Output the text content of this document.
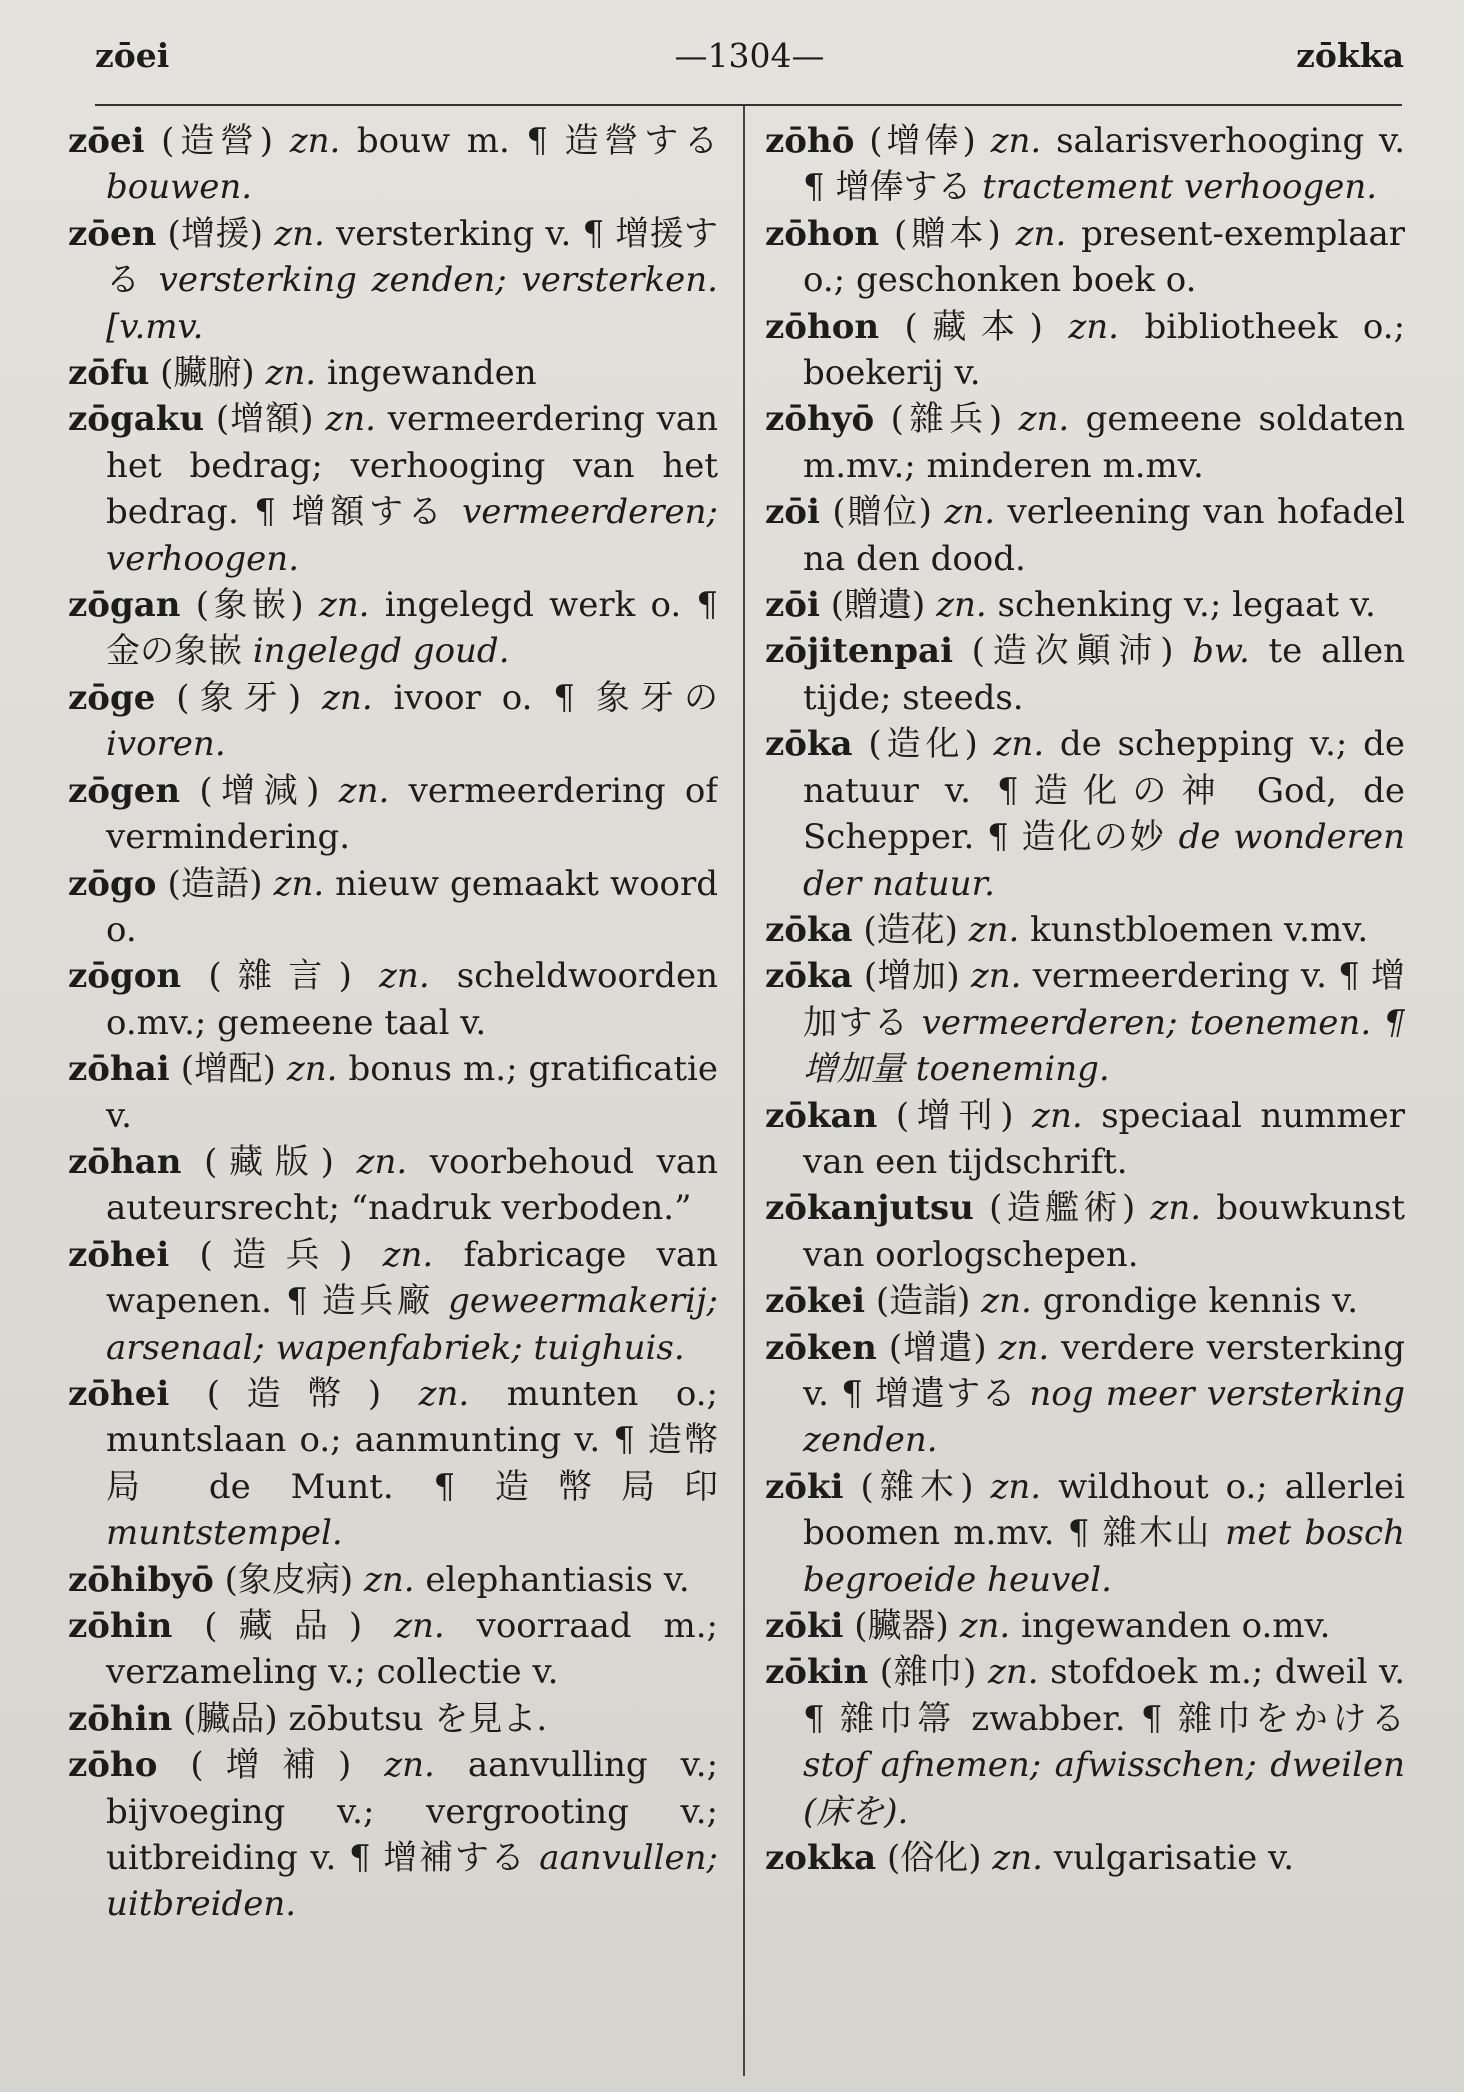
zōei	—1304—	zōkka

zōei (造營) zn. bouw m. ¶ 造營する bouwen.

zōen (增援) zn. versterking v. ¶ 增援する versterking zenden; versterken. [v.mv.

zōfu (臟腑) zn. ingewanden

zōgaku (增額) zn. vermeerdering van het bedrag; verhooging van het bedrag. ¶ 增額する vermeerderen; verhoogen.

zōgan (象嵌) zn. ingelegd werk o. ¶ 金の象嵌 ingelegd goud.

zōge (象牙) zn. ivoor o. ¶ 象牙の ivoren.

zōgen (增減) zn. vermeerdering of vermindering.

zōgo (造語) zn. nieuw gemaakt woord o.

zōgon (雜言) zn. scheldwoorden o.mv.; gemeene taal v.

zōhai (增配) zn. bonus m.; gratificatie v.

zōhan (藏版) zn. voorbehoud van auteursrecht; “nadruk verboden.”

zōhei (造兵) zn. fabricage van wapenen. ¶ 造兵廠 geweermakerij; arsenaal; wapenfabriek; tuighuis.

zōhei (造幣) zn. munten o.; muntslaan o.; aanmunting v. ¶ 造幣局 de Munt. ¶ 造幣局印 muntstempel.

zōhibyō (象皮病) zn. elephantiasis v.

zōhin (藏品) zn. voorraad m.; verzameling v.; collectie v.

zōhin (臟品) zōbutsu を見よ.

zōho (增補) zn. aanvulling v.; bijvoeging v.; vergrooting v.; uitbreiding v. ¶ 增補する aanvullen; uitbreiden.

zōhō (增俸) zn. salarisverhooging v. ¶ 增俸する tractement verhoogen.

zōhon (贈本) zn. present-exemplaar o.; geschonken boek o.

zōhon (藏本) zn. bibliotheek o.; boekerij v.

zōhyō (雜兵) zn. gemeene soldaten m.mv.; minderen m.mv.

zōi (贈位) zn. verleening van hofadel na den dood.

zōi (贈遺) zn. schenking v.; legaat v.

zōjitenpai (造次顚沛) bw. te allen tijde; steeds.

zōka (造化) zn. de schepping v.; de natuur v. ¶造化の神 God, de Schepper. ¶ 造化の妙 de wonderen der natuur.

zōka (造花) zn. kunstbloemen v.mv.

zōka (增加) zn. vermeerdering v. ¶ 增加する vermeerderen; toenemen. ¶ 增加量 toeneming.

zōkan (增刊) zn. speciaal nummer van een tijdschrift.

zōkanjutsu (造艦術) zn. bouwkunst van oorlogschepen.

zōkei (造詣) zn. grondige kennis v.

zōken (增遣) zn. verdere versterking v. ¶ 增遣する nog meer versterking zenden.

zōki (雜木) zn. wildhout o.; allerlei boomen m.mv. ¶ 雜木山 met bosch begroeide heuvel.

zōki (臟器) zn. ingewanden o.mv.

zōkin (雜巾) zn. stofdoek m.; dweil v. ¶ 雜巾箒 zwabber. ¶ 雜巾をかける stof afnemen; afwisschen; dweilen (床を).

zokka (俗化) zn. vulgarisatie v.
